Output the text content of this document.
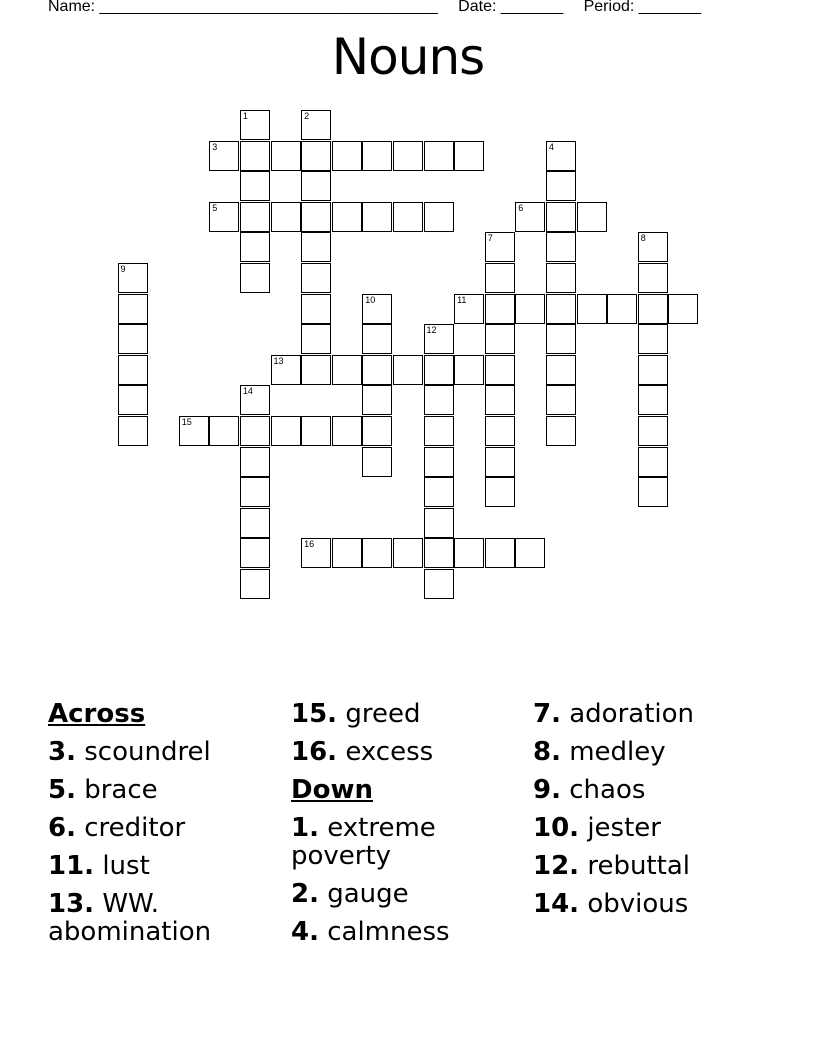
Name: ______________________________________ Date: _______ Period: _______
Nouns
3
5	6
11
13
15
16
1	2
4
7	8
9
10
12
14
Across
3. scoundrel
5. brace
6. creditor
11. lust
13. WW. abomination
15. greed
16. excess
Down
1. extreme poverty
2. gauge
4. calmness
7. adoration
8. medley
9. chaos
10. jester
12. rebuttal
14. obvious
